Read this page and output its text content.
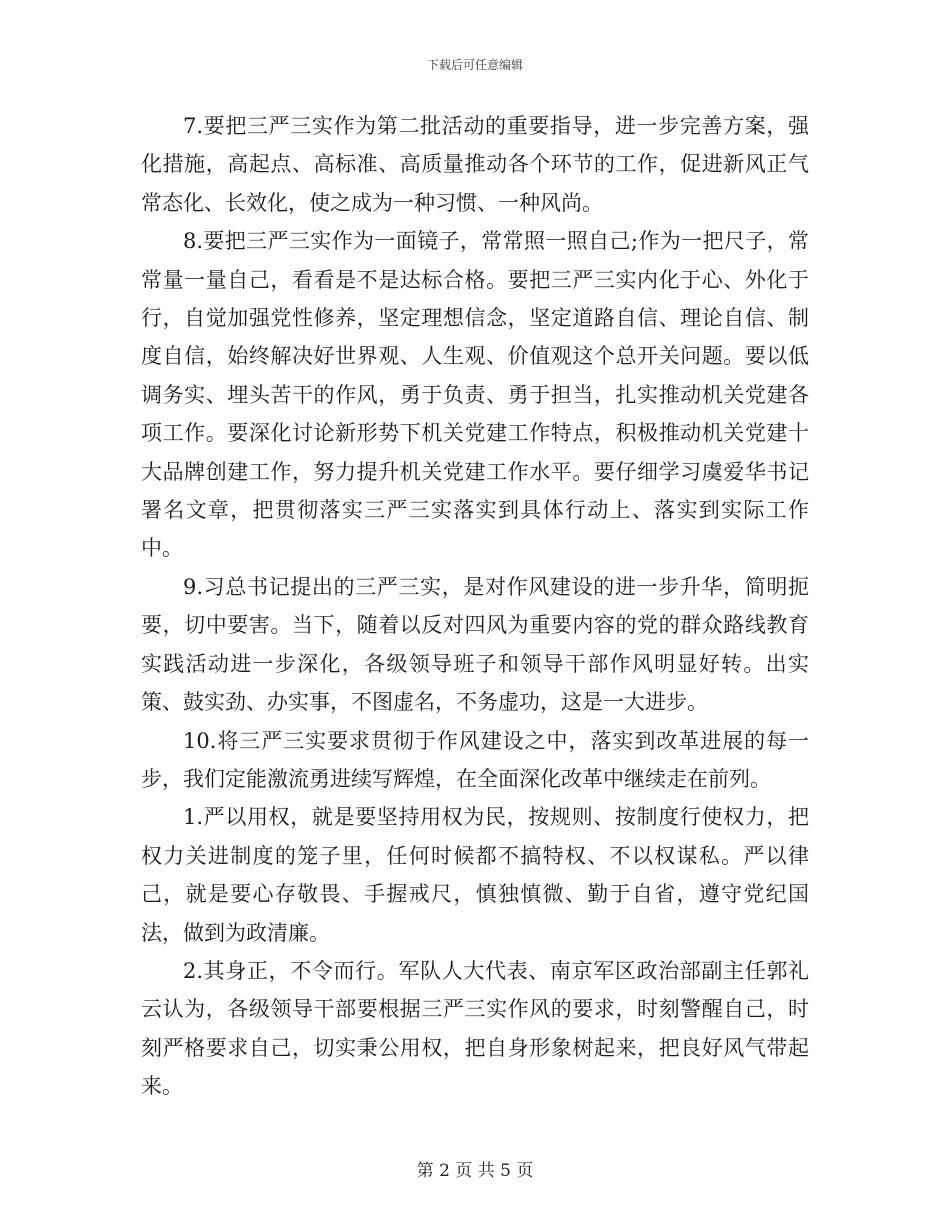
下载后可任意编辑

7.要把三严三实作为第二批活动的重要指导，进一步完善方案，强化措施，高起点、高标准、高质量推动各个环节的工作，促进新风正气常态化、长效化，使之成为一种习惯、一种风尚。

8.要把三严三实作为一面镜子，常常照一照自己;作为一把尺子，常常量一量自己，看看是不是达标合格。要把三严三实内化于心、外化于行，自觉加强党性修养，坚定理想信念，坚定道路自信、理论自信、制度自信，始终解决好世界观、人生观、价值观这个总开关问题。要以低调务实、埋头苦干的作风，勇于负责、勇于担当，扎实推动机关党建各项工作。要深化讨论新形势下机关党建工作特点，积极推动机关党建十大品牌创建工作，努力提升机关党建工作水平。要仔细学习虞爱华书记署名文章，把贯彻落实三严三实落实到具体行动上、落实到实际工作中。

9.习总书记提出的三严三实，是对作风建设的进一步升华，简明扼要，切中要害。当下，随着以反对四风为重要内容的党的群众路线教育实践活动进一步深化，各级领导班子和领导干部作风明显好转。出实策、鼓实劲、办实事，不图虚名，不务虚功，这是一大进步。

10.将三严三实要求贯彻于作风建设之中，落实到改革进展的每一步，我们定能激流勇进续写辉煌，在全面深化改革中继续走在前列。

1.严以用权，就是要坚持用权为民，按规则、按制度行使权力，把权力关进制度的笼子里，任何时候都不搞特权、不以权谋私。严以律己，就是要心存敬畏、手握戒尺，慎独慎微、勤于自省，遵守党纪国法，做到为政清廉。

2.其身正，不令而行。军队人大代表、南京军区政治部副主任郭礼云认为，各级领导干部要根据三严三实作风的要求，时刻警醒自己，时刻严格要求自己，切实秉公用权，把自身形象树起来，把良好风气带起来。

第 2 页 共 5 页
